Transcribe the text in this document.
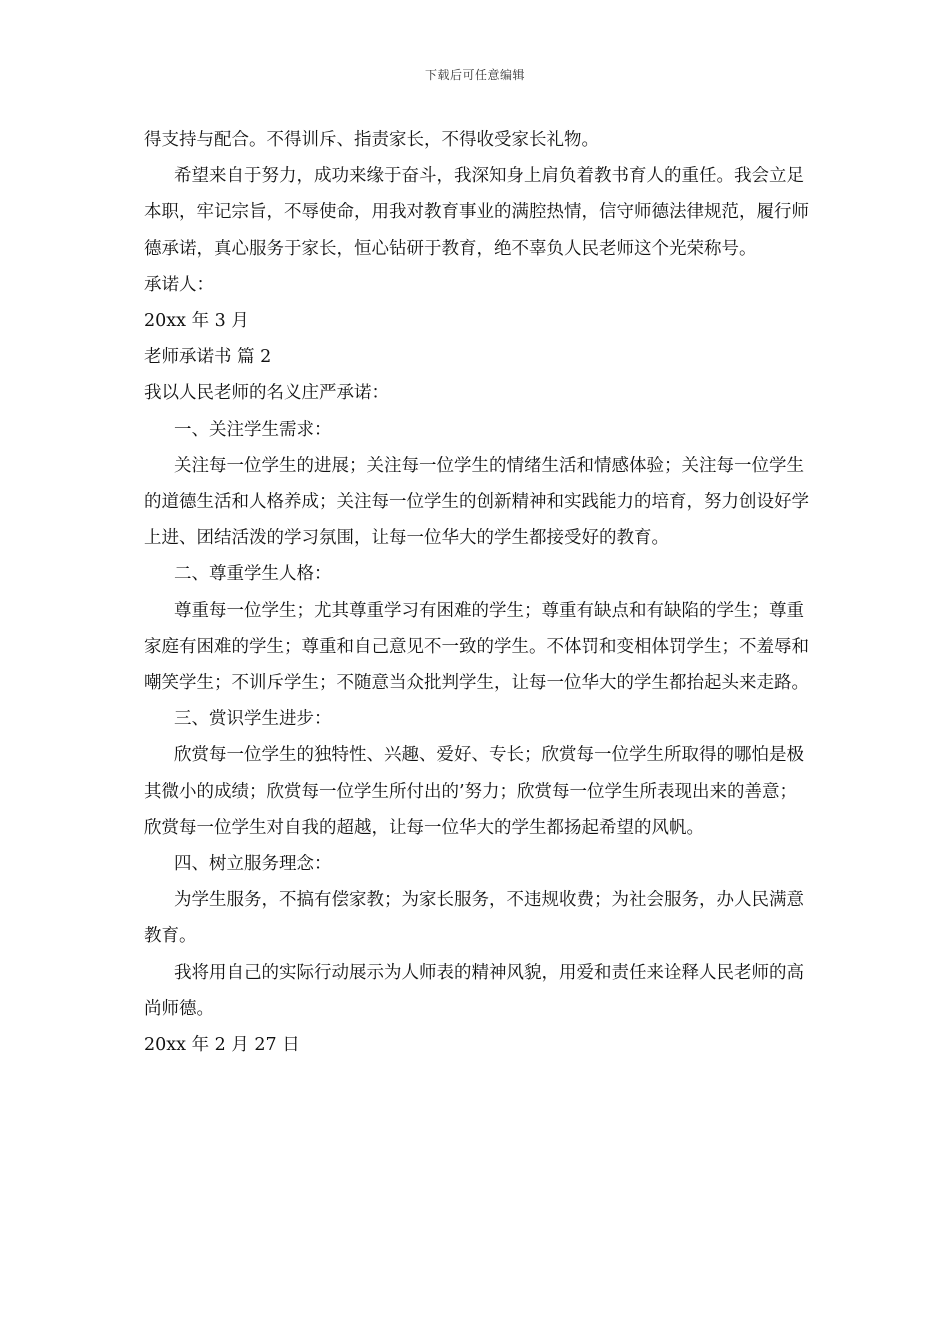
下载后可任意编辑

得支持与配合。不得训斥、指责家长，不得收受家长礼物。

希望来自于努力，成功来缘于奋斗，我深知身上肩负着教书育人的重任。我会立足本职，牢记宗旨，不辱使命，用我对教育事业的满腔热情，信守师德法律规范，履行师德承诺，真心服务于家长，恒心钻研于教育，绝不辜负人民老师这个光荣称号。

承诺人：

20xx 年 3 月

老师承诺书 篇 2

我以人民老师的名义庄严承诺：

一、关注学生需求：

关注每一位学生的进展；关注每一位学生的情绪生活和情感体验；关注每一位学生的道德生活和人格养成；关注每一位学生的创新精神和实践能力的培育，努力创设好学上进、团结活泼的学习氛围，让每一位华大的学生都接受好的教育。

二、尊重学生人格：

尊重每一位学生；尤其尊重学习有困难的学生；尊重有缺点和有缺陷的学生；尊重家庭有困难的学生；尊重和自己意见不一致的学生。不体罚和变相体罚学生；不羞辱和嘲笑学生；不训斥学生；不随意当众批判学生，让每一位华大的学生都抬起头来走路。

三、赏识学生进步：

欣赏每一位学生的独特性、兴趣、爱好、专长；欣赏每一位学生所取得的哪怕是极其微小的成绩；欣赏每一位学生所付出的’努力；欣赏每一位学生所表现出来的善意；欣赏每一位学生对自我的超越，让每一位华大的学生都扬起希望的风帆。

四、树立服务理念：

为学生服务，不搞有偿家教；为家长服务，不违规收费；为社会服务，办人民满意教育。

我将用自己的实际行动展示为人师表的精神风貌，用爱和责任来诠释人民老师的高尚师德。

20xx 年 2 月 27 日
